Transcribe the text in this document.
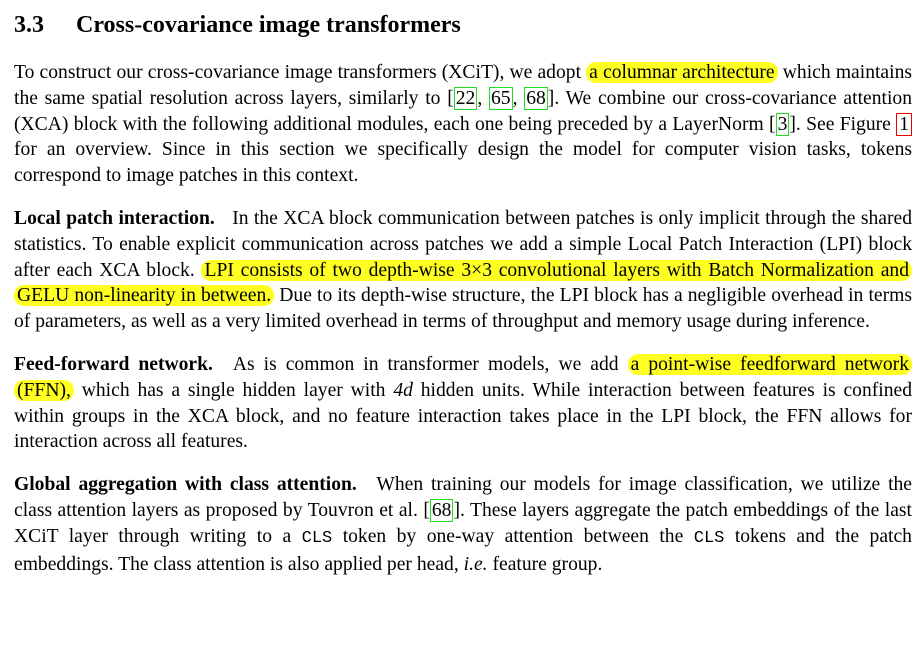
3.3 Cross-covariance image transformers

To construct our cross-covariance image transformers (XCiT), we adopt a columnar architecture which maintains the same spatial resolution across layers, similarly to [ 22 , 65 , 68 ]. We combine our cross-covariance attention (XCA) block with the following additional modules, each one being preceded by a LayerNorm [ 3 ]. See Figure 1 for an overview. Since in this section we specifically design the model for computer vision tasks, tokens correspond to image patches in this context.

Local patch interaction. In the XCA block communication between patches is only implicit through the shared statistics. To enable explicit communication across patches we add a simple Local Patch Interaction (LPI) block after each XCA block. LPI consists of two depth-wise 3×3 convolutional layers with Batch Normalization and GELU non-linearity in between. Due to its depth-wise structure, the LPI block has a negligible overhead in terms of parameters, as well as a very limited overhead in terms of throughput and memory usage during inference.

Feed-forward network. As is common in transformer models, we add a point-wise feedforward network (FFN), which has a single hidden layer with 4d hidden units. While interaction between features is confined within groups in the XCA block, and no feature interaction takes place in the LPI block, the FFN allows for interaction across all features.

Global aggregation with class attention. When training our models for image classification, we utilize the class attention layers as proposed by Touvron et al. [ 68 ]. These layers aggregate the patch embeddings of the last XCiT layer through writing to a CLS token by one-way attention between the CLS tokens and the patch embeddings. The class attention is also applied per head, i.e. feature group.
